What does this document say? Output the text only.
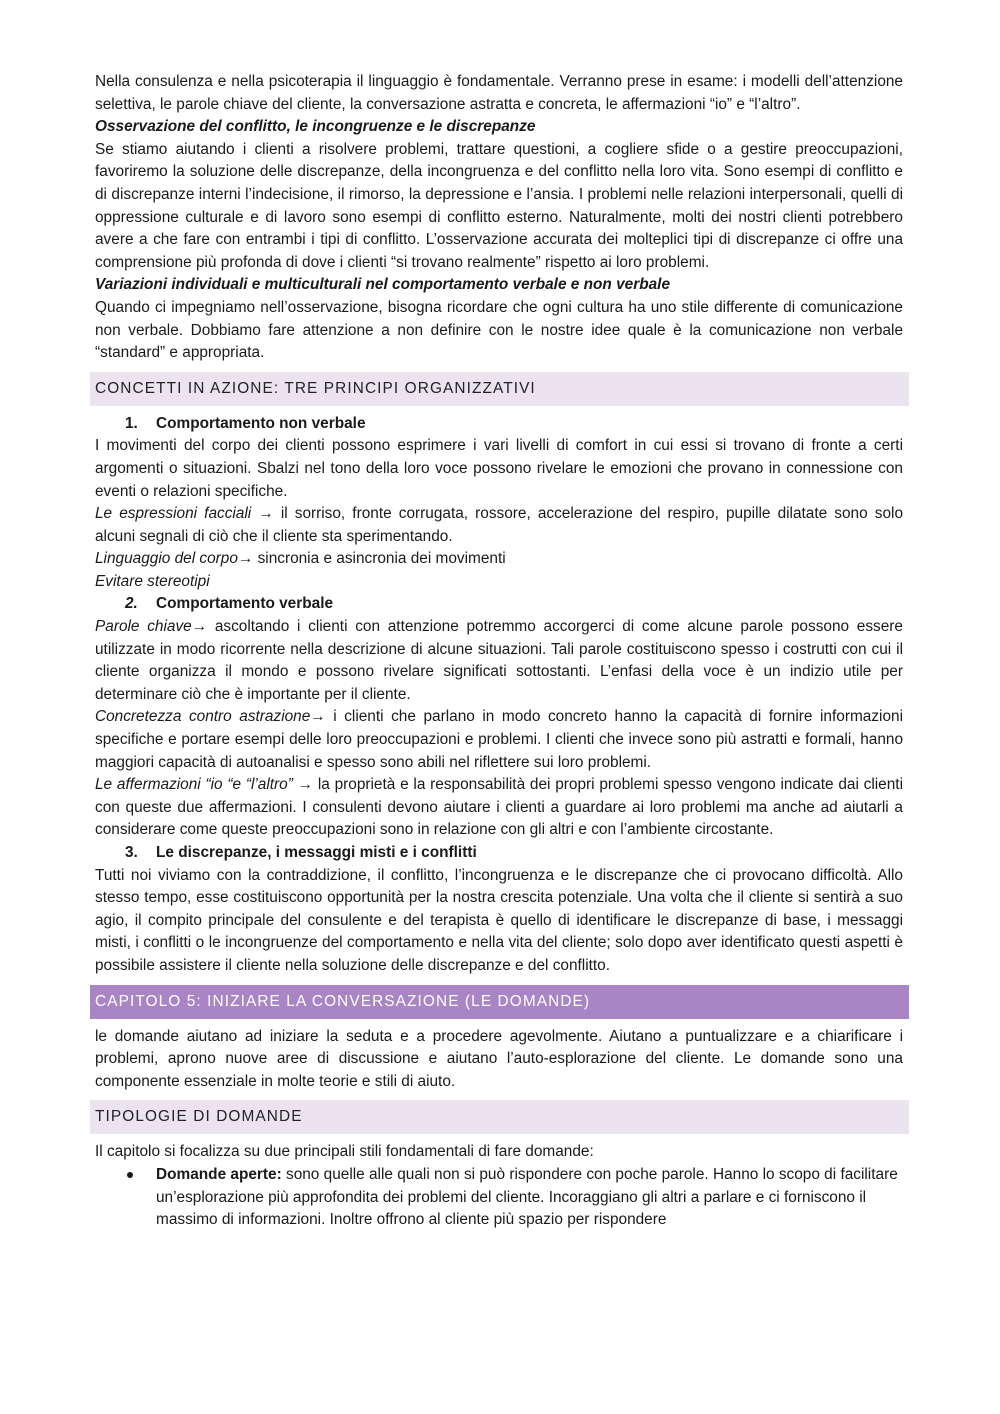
Nella consulenza e nella psicoterapia il linguaggio è fondamentale. Verranno prese in esame: i modelli dell’attenzione selettiva, le parole chiave del cliente, la conversazione astratta e concreta, le affermazioni “io” e “l’altro”.

Osservazione del conflitto, le incongruenze e le discrepanze

Se stiamo aiutando i clienti a risolvere problemi, trattare questioni, a cogliere sfide o a gestire preoccupazioni, favoriremo la soluzione delle discrepanze, della incongruenza e del conflitto nella loro vita. Sono esempi di conflitto e di discrepanze interni l’indecisione, il rimorso, la depressione e l’ansia. I problemi nelle relazioni interpersonali, quelli di oppressione culturale e di lavoro sono esempi di conflitto esterno. Naturalmente, molti dei nostri clienti potrebbero avere a che fare con entrambi i tipi di conflitto. L’osservazione accurata dei molteplici tipi di discrepanze ci offre una comprensione più profonda di dove i clienti “si trovano realmente” rispetto ai loro problemi.

Variazioni individuali e multiculturali nel comportamento verbale e non verbale

Quando ci impegniamo nell’osservazione, bisogna ricordare che ogni cultura ha uno stile differente di comunicazione non verbale. Dobbiamo fare attenzione a non definire con le nostre idee quale è la comunicazione non verbale “standard” e appropriata.

CONCETTI IN AZIONE: TRE PRINCIPI ORGANIZZATIVI

1.	Comportamento non verbale

I movimenti del corpo dei clienti possono esprimere i vari livelli di comfort in cui essi si trovano di fronte a certi argomenti o situazioni. Sbalzi nel tono della loro voce possono rivelare le emozioni che provano in connessione con eventi o relazioni specifiche.

Le espressioni facciali → il sorriso, fronte corrugata, rossore, accelerazione del respiro, pupille dilatate sono solo alcuni segnali di ciò che il cliente sta sperimentando.

Linguaggio del corpo→ sincronia e asincronia dei movimenti

Evitare stereotipi

2.	Comportamento verbale

Parole chiave→ ascoltando i clienti con attenzione potremmo accorgerci di come alcune parole possono essere utilizzate in modo ricorrente nella descrizione di alcune situazioni. Tali parole costituiscono spesso i costrutti con cui il cliente organizza il mondo e possono rivelare significati sottostanti. L’enfasi della voce è un indizio utile per determinare ciò che è importante per il cliente.

Concretezza contro astrazione→ i clienti che parlano in modo concreto hanno la capacità di fornire informazioni specifiche e portare esempi delle loro preoccupazioni e problemi. I clienti che invece sono più astratti e formali, hanno maggiori capacità di autoanalisi e spesso sono abili nel riflettere sui loro problemi.

Le affermazioni “io “e “l’altro” → la proprietà e la responsabilità dei propri problemi spesso vengono indicate dai clienti con queste due affermazioni. I consulenti devono aiutare i clienti a guardare ai loro problemi ma anche ad aiutarli a considerare come queste preoccupazioni sono in relazione con gli altri e con l’ambiente circostante.

3.	Le discrepanze, i messaggi misti e i conflitti

Tutti noi viviamo con la contraddizione, il conflitto, l’incongruenza e le discrepanze che ci provocano difficoltà. Allo stesso tempo, esse costituiscono opportunità per la nostra crescita potenziale. Una volta che il cliente si sentirà a suo agio, il compito principale del consulente e del terapista è quello di identificare le discrepanze di base, i messaggi misti, i conflitti o le incongruenze del comportamento e nella vita del cliente; solo dopo aver identificato questi aspetti è possibile assistere il cliente nella soluzione delle discrepanze e del conflitto.

CAPITOLO 5: INIZIARE LA CONVERSAZIONE (LE DOMANDE)

le domande aiutano ad iniziare la seduta e a procedere agevolmente. Aiutano a puntualizzare e a chiarificare i problemi, aprono nuove aree di discussione e aiutano l’auto-esplorazione del cliente. Le domande sono una componente essenziale in molte teorie e stili di aiuto.

TIPOLOGIE DI DOMANDE

Il capitolo si focalizza su due principali stili fondamentali di fare domande:

Domande aperte: sono quelle alle quali non si può rispondere con poche parole. Hanno lo scopo di facilitare un’esplorazione più approfondita dei problemi del cliente. Incoraggiano gli altri a parlare e ci forniscono il massimo di informazioni. Inoltre offrono al cliente più spazio per rispondere
